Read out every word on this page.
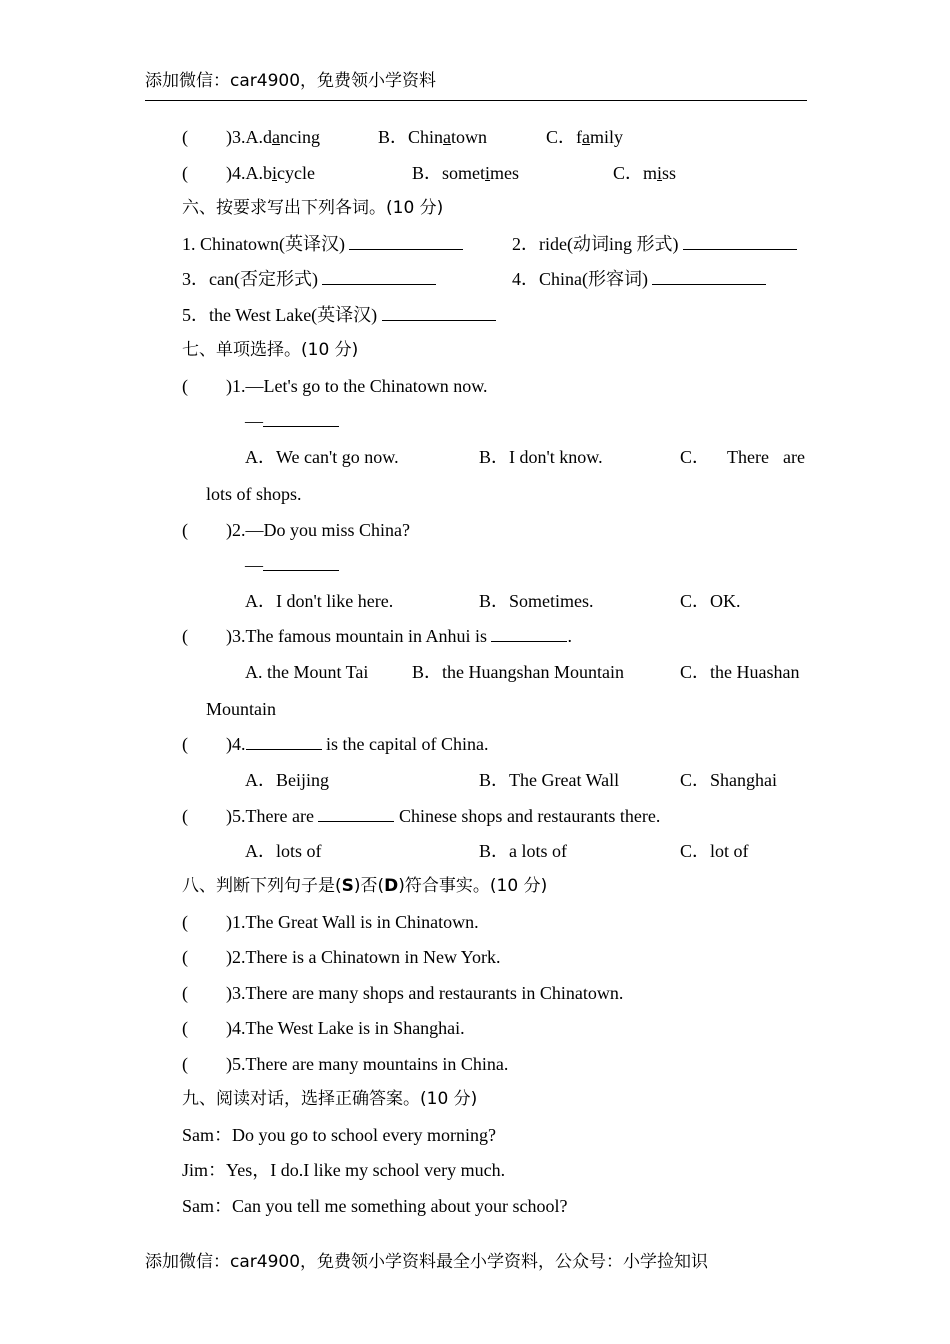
添加微信：car4900，免费领小学资料
( )3.A.dancing	B．Chinatown	C．family
( )4.A.bicycle	B．sometimes	C．miss
六、按要求写出下列各词。(10 分)
1. Chinatown(英译汉)	2．ride(动词ing 形式)
3．can(否定形式)	4．China(形容词)
5．the West Lake(英译汉)
七、单项选择。(10 分)
( )1.—Let's go to the Chinatown now.
—
A．We can't go now.	B．I don't know.	C． There are
lots of shops.
( )2.—Do you miss China?
—
A．I don't like here.	B．Sometimes.	C．OK.
( )3.The famous mountain in Anhui is	.
A. the Mount Tai B．the Huangshan Mountain	C．the Huashan
Mountain
( )4.	is the capital of China.
A．Beijing	B．The Great Wall	C．Shanghai
( )5.There are	Chinese shops and restaurants there.
A．lots of	B．a lots of	C．lot of
八、判断下列句子是(S)否(D)符合事实。(10 分)
( )1.The Great Wall is in Chinatown.
( )2.There is a Chinatown in New York.
( )3.There are many shops and restaurants in Chinatown.
( )4.The West Lake is in Shanghai.
( )5.There are many mountains in China.
九、阅读对话，选择正确答案。(10 分)
Sam：Do you go to school every morning?
Jim：Yes，I do.I like my school very much.
Sam：Can you tell me something about your school?
添加微信：car4900，免费领小学资料最全小学资料，公众号：小学捡知识
